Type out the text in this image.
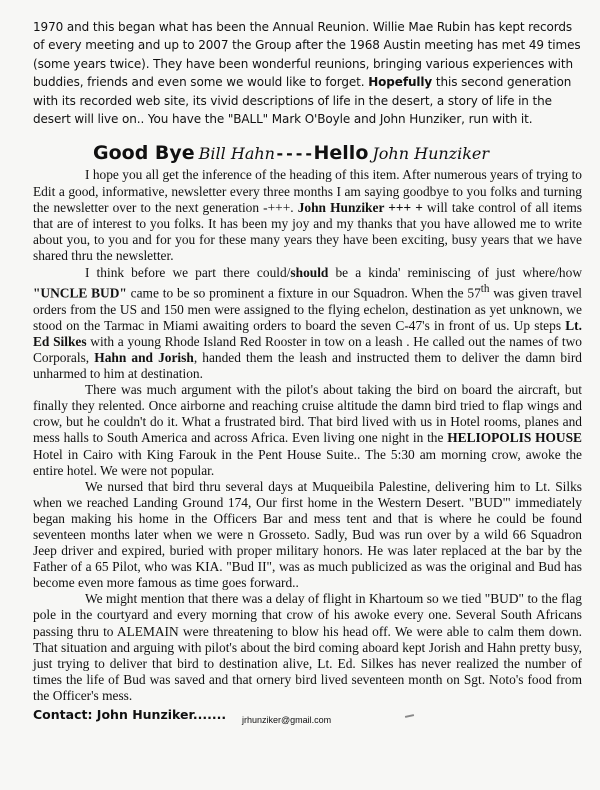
1970 and this began what has been the Annual Reunion. Willie Mae Rubin has kept records of every meeting and up to 2007 the Group after the 1968 Austin meeting has met 49 times (some years twice). They have been wonderful reunions, bringing various experiences with buddies, friends and even some we would like to forget. Hopefully this second generation with its recorded web site, its vivid descriptions of life in the desert, a story of life in the desert will live on.. You have the "BALL" Mark O'Boyle and John Hunziker, run with it.

Good Bye Bill Hahn----Hello John Hunziker

I hope you all get the inference of the heading of this item. After numerous years of trying to Edit a good, informative, newsletter every three months I am saying goodbye to you folks and turning the newsletter over to the next generation -+++. John Hunziker +++ + will take control of all items that are of interest to you folks. It has been my joy and my thanks that you have allowed me to write about you, to you and for you for these many years they have been exciting, busy years that we have shared thru the newsletter.

I think before we part there could/should be a kinda' reminiscing of just where/how "UNCLE BUD" came to be so prominent a fixture in our Squadron. When the 57th was given travel orders from the US and 150 men were assigned to the flying echelon, destination as yet unknown, we stood on the Tarmac in Miami awaiting orders to board the seven C-47's in front of us. Up steps Lt. Ed Silkes with a young Rhode Island Red Rooster in tow on a leash . He called out the names of two Corporals, Hahn and Jorish, handed them the leash and instructed them to deliver the damn bird unharmed to him at destination.

There was much argument with the pilot's about taking the bird on board the aircraft, but finally they relented. Once airborne and reaching cruise altitude the damn bird tried to flap wings and crow, but he couldn't do it. What a frustrated bird. That bird lived with us in Hotel rooms, planes and mess halls to South America and across Africa. Even living one night in the HELIOPOLIS HOUSE Hotel in Cairo with King Farouk in the Pent House Suite.. The 5:30 am morning crow, awoke the entire hotel. We were not popular.

We nursed that bird thru several days at Muqueibila Palestine, delivering him to Lt. Silks when we reached Landing Ground 174, Our first home in the Western Desert. "BUD"' immediately began making his home in the Officers Bar and mess tent and that is where he could be found seventeen months later when we were n Grosseto. Sadly, Bud was run over by a wild 66 Squadron Jeep driver and expired, buried with proper military honors. He was later replaced at the bar by the Father of a 65 Pilot, who was KIA. "Bud II", was as much publicized as was the original and Bud has become even more famous as time goes forward..

We might mention that there was a delay of flight in Khartoum so we tied "BUD" to the flag pole in the courtyard and every morning that crow of his awoke every one. Several South Africans passing thru to ALEMAIN were threatening to blow his head off. We were able to calm them down. That situation and arguing with pilot's about the bird coming aboard kept Jorish and Hahn pretty busy, just trying to deliver that bird to destination alive, Lt. Ed. Silkes has never realized the number of times the life of Bud was saved and that ornery bird lived seventeen month on Sgt. Noto's food from the Officer's mess.

Contact: John Hunziker....... jrhunziker@gmail.com
